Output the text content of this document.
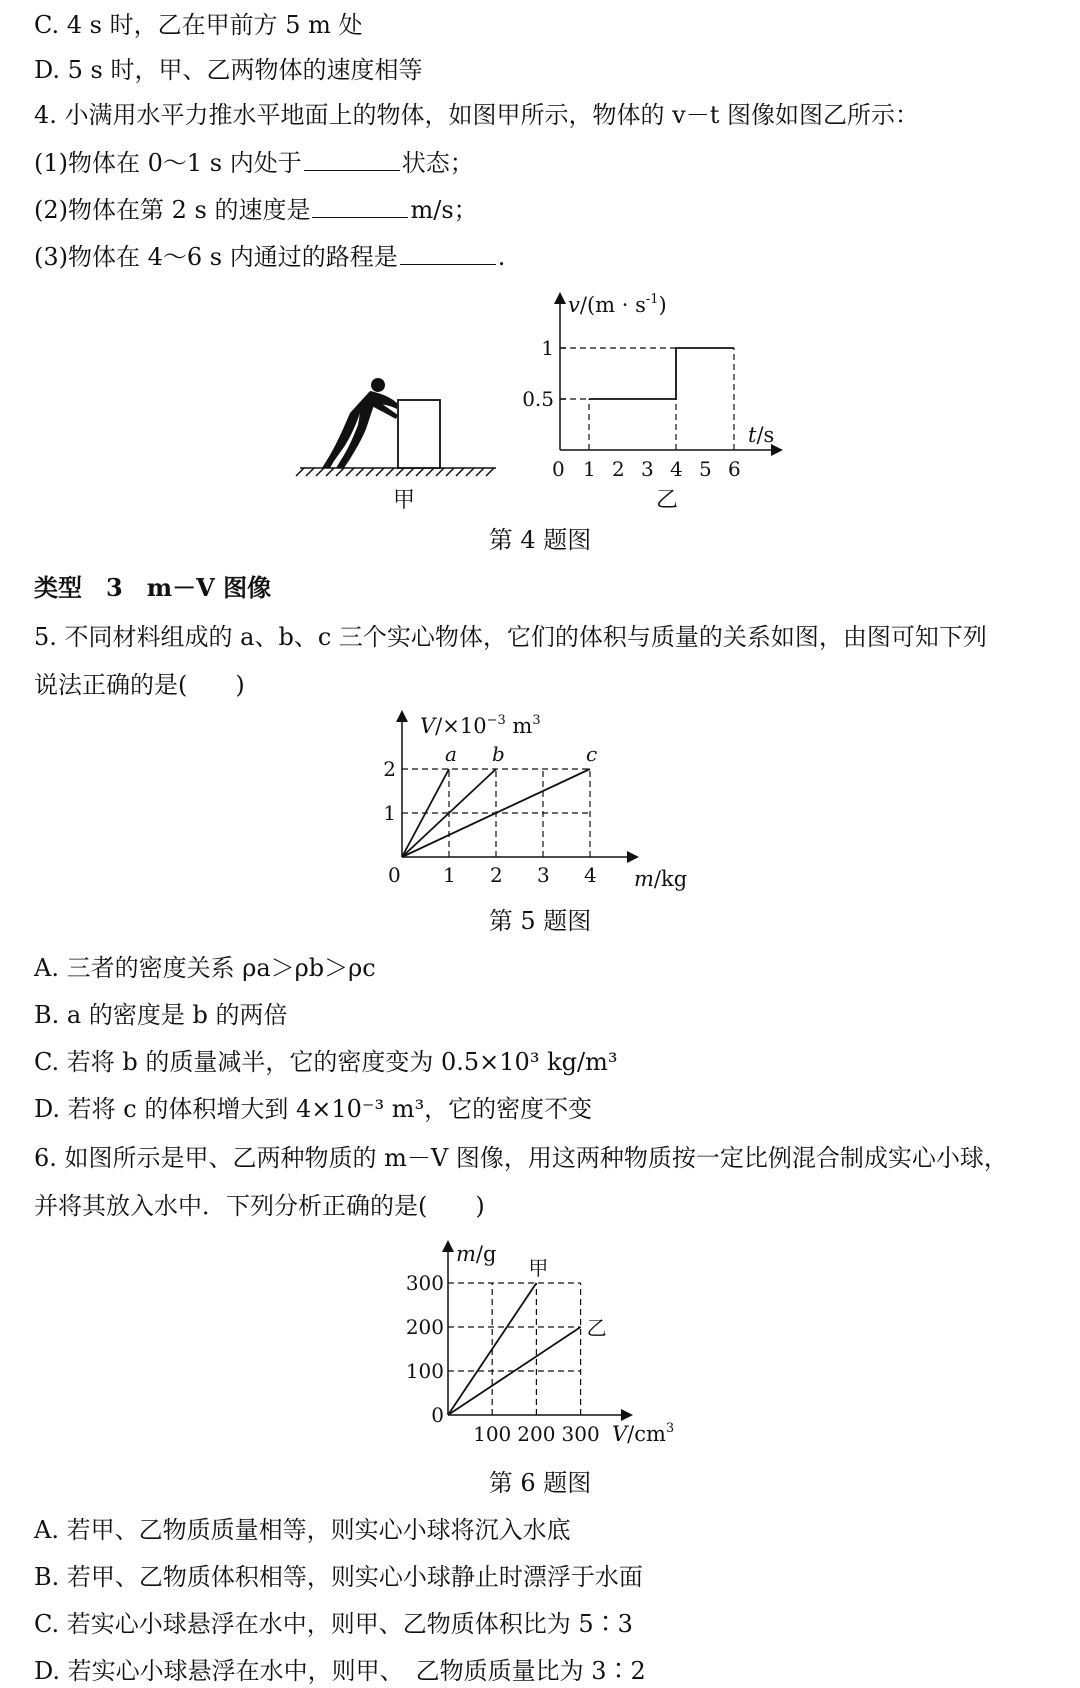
C. 4 s 时，乙在甲前方 5 m 处
D. 5 s 时，甲、乙两物体的速度相等
4. 小满用水平力推水平地面上的物体，如图甲所示，物体的 v－t 图像如图乙所示：
(1)物体在 0～1 s 内处于	状态；
(2)物体在第 2 s 的速度是	m/s；
(3)物体在 4～6 s 内通过的路程是	.
甲
0 1 2 3 4 5 6
0.5
1
$v/(m \cdot s^{-1})$
t/s
乙
第 4 题图
类型　 3　 m－V 图像
5. 不同材料组成的 a、b、c 三个实心物体，它们的体积与质量的关系如图，由图可知下列
说法正确的是(　　)
a b	c
0 1 2 3 4
1
2
$V/\times 10^{-3}$ $m^3$
m/kg
第 5 题图
A. 三者的密度关系 ρa＞ρb＞ρc
B. a 的密度是 b 的两倍
C. 若将 b 的质量减半，它的密度变为 0.5×10³ kg/m³
D. 若将 c 的体积增大到 4×10⁻³ m³，它的密度不变
6. 如图所示是甲、乙两种物质的 m－V 图像，用这两种物质按一定比例混合制成实心小球，
并将其放入水中．下列分析正确的是(　　)
甲
乙
100 200 300
0
100
200
300
m/g
$V/cm^3$
第 6 题图
A. 若甲、乙物质质量相等，则实心小球将沉入水底
B. 若甲、乙物质体积相等，则实心小球静止时漂浮于水面
C. 若实心小球悬浮在水中，则甲、乙物质体积比为 5∶3
D. 若实心小球悬浮在水中，则甲、　乙物质质量比为 3∶2
